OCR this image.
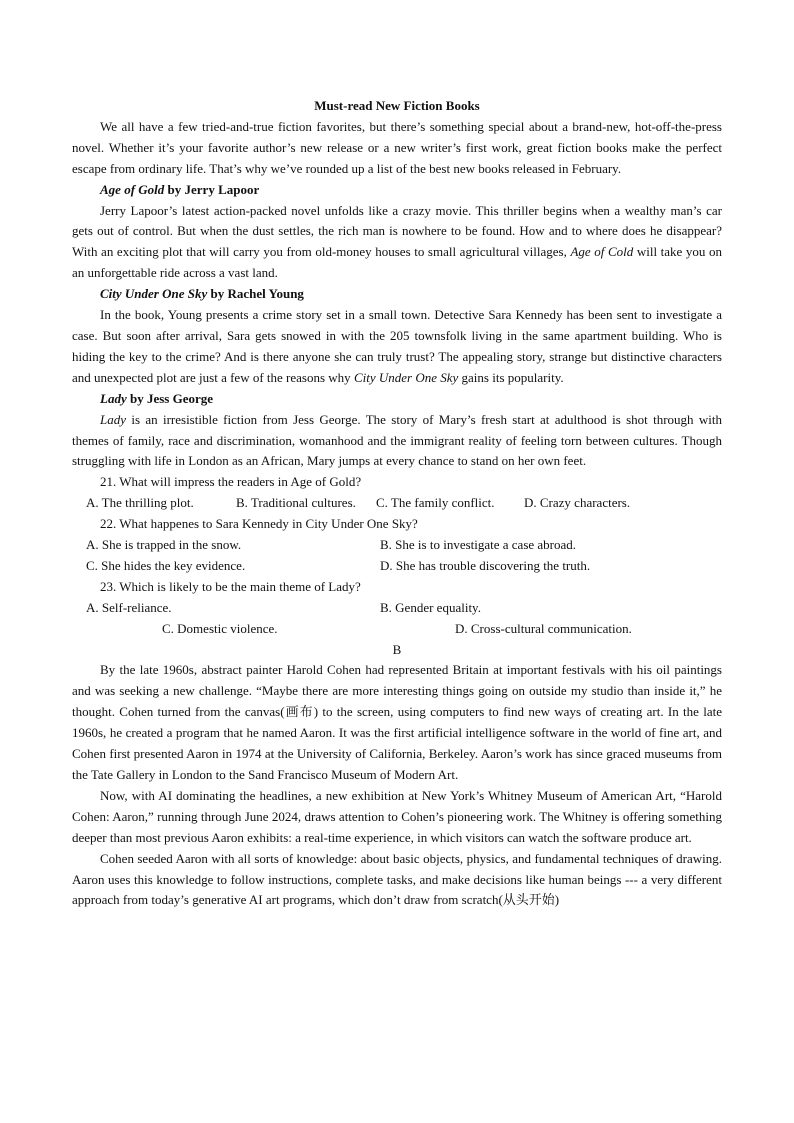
Must-read New Fiction Books

We all have a few tried-and-true fiction favorites, but there’s something special about a brand-new, hot-off-the-press novel. Whether it’s your favorite author’s new release or a new writer’s first work, great fiction books make the perfect escape from ordinary life. That’s why we’ve rounded up a list of the best new books released in February.

Age of Gold by Jerry Lapoor

Jerry Lapoor’s latest action-packed novel unfolds like a crazy movie. This thriller begins when a wealthy man’s car gets out of control. But when the dust settles, the rich man is nowhere to be found. How and to where does he disappear? With an exciting plot that will carry you from old-money houses to small agricultural villages, Age of Cold will take you on an unforgettable ride across a vast land.

City Under One Sky by Rachel Young

In the book, Young presents a crime story set in a small town. Detective Sara Kennedy has been sent to investigate a case. But soon after arrival, Sara gets snowed in with the 205 townsfolk living in the same apartment building. Who is hiding the key to the crime? And is there anyone she can truly trust? The appealing story, strange but distinctive characters and unexpected plot are just a few of the reasons why City Under One Sky gains its popularity.

Lady by Jess George

Lady is an irresistible fiction from Jess George. The story of Mary’s fresh start at adulthood is shot through with themes of family, race and discrimination, womanhood and the immigrant reality of feeling torn between cultures. Though struggling with life in London as an African, Mary jumps at every chance to stand on her own feet.

21. What will impress the readers in Age of Gold?

A. The thrilling plot.	B. Traditional cultures.	C. The family conflict.	D. Crazy characters.

22. What happenes to Sara Kennedy in City Under One Sky?

A. She is trapped in the snow.	B. She is to investigate a case abroad.
C. She hides the key evidence.	D. She has trouble discovering the truth.

23. Which is likely to be the main theme of Lady?

A. Self-reliance.	B. Gender equality.
C. Domestic violence.	D. Cross-cultural communication.

B

By the late 1960s, abstract painter Harold Cohen had represented Britain at important festivals with his oil paintings and was seeking a new challenge. “Maybe there are more interesting things going on outside my studio than inside it,” he thought. Cohen turned from the canvas(画布) to the screen, using computers to find new ways of creating art. In the late 1960s, he created a program that he named Aaron. It was the first artificial intelligence software in the world of fine art, and Cohen first presented Aaron in 1974 at the University of California, Berkeley. Aaron’s work has since graced museums from the Tate Gallery in London to the Sand Francisco Museum of Modern Art.

Now, with AI dominating the headlines, a new exhibition at New York’s Whitney Museum of American Art, “Harold Cohen: Aaron,” running through June 2024, draws attention to Cohen’s pioneering work. The Whitney is offering something deeper than most previous Aaron exhibits: a real-time experience, in which visitors can watch the software produce art.

Cohen seeded Aaron with all sorts of knowledge: about basic objects, physics, and fundamental techniques of drawing. Aaron uses this knowledge to follow instructions, complete tasks, and make decisions like human beings --- a very different approach from today’s generative AI art programs, which don’t draw from scratch(从头开始)
